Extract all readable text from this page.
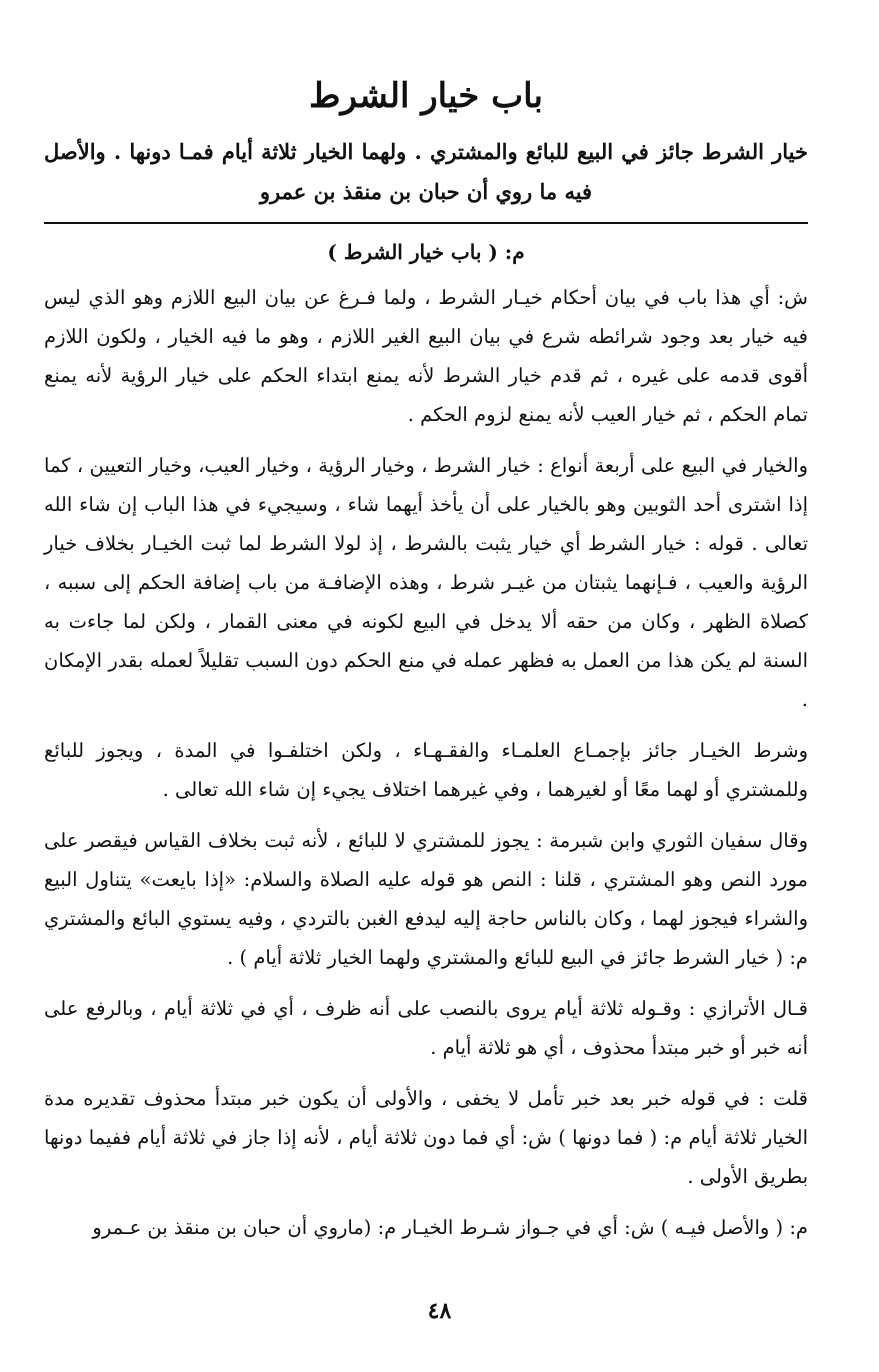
باب خيار الشرط

خيار الشرط جائز في البيع للبائع والمشتري . ولهما الخيار ثلاثة أيام فمـا دونها . والأصل فيه ما روي أن حبان بن منقذ بن عمرو

م: ( باب خيار الشرط )

ش: أي هذا باب في بيان أحكام خيـار الشرط ، ولما فـرغ عن بيان البيع اللازم وهو الذي ليس فيه خيار بعد وجود شرائطه شرع في بيان البيع الغير اللازم ، وهو ما فيه الخيار ، ولكون اللازم أقوى قدمه على غيره ، ثم قدم خيار الشرط لأنه يمنع ابتداء الحكم على خيار الرؤية لأنه يمنع تمام الحكم ، ثم خيار العيب لأنه يمنع لزوم الحكم .

والخيار في البيع على أربعة أنواع : خيار الشرط ، وخيار الرؤية ، وخيار العيب، وخيار التعيين ، كما إذا اشترى أحد الثوبين وهو بالخيار على أن يأخذ أيهما شاء ، وسيجيء في هذا الباب إن شاء الله تعالى . قوله : خيار الشرط أي خيار يثبت بالشرط ، إذ لولا الشرط لما ثبت الخيـار بخلاف خيار الرؤية والعيب ، فـإنهما يثبتان من غيـر شرط ، وهذه الإضافـة من باب إضافة الحكم إلى سببه ، كصلاة الظهر ، وكان من حقه ألا يدخل في البيع لكونه في معنى القمار ، ولكن لما جاءت به السنة لم يكن هذا من العمل به فظهر عمله في منع الحكم دون السبب تقليلاً لعمله بقدر الإمكان .

وشرط الخيـار جائز بإجمـاع العلمـاء والفقـهـاء ، ولكن اختلفـوا في المدة ، ويجوز للبائع وللمشتري أو لهما معًا أو لغيرهما ، وفي غيرهما اختلاف يجيء إن شاء الله تعالى .

وقال سفيان الثوري وابن شبرمة : يجوز للمشتري لا للبائع ، لأنه ثبت بخلاف القياس فيقصر على مورد النص وهو المشتري ، قلنا : النص هو قوله عليه الصلاة والسلام: «إذا بايعت» يتناول البيع والشراء فيجوز لهما ، وكان بالناس حاجة إليه ليدفع الغبن بالتردي ، وفيه يستوي البائع والمشتري م: ( خيار الشرط جائز في البيع للبائع والمشتري ولهما الخيار ثلاثة أيام ) .

قـال الأترازي : وقـوله ثلاثة أيام يروى بالنصب على أنه ظرف ، أي في ثلاثة أيام ، وبالرفع على أنه خبر أو خبر مبتدأ محذوف ، أي هو ثلاثة أيام .

قلت : في قوله خبر بعد خبر تأمل لا يخفى ، والأولى أن يكون خبر مبتدأ محذوف تقديره مدة الخيار ثلاثة أيام م: ( فما دونها ) ش: أي فما دون ثلاثة أيام ، لأنه إذا جاز في ثلاثة أيام ففيما دونها بطريق الأولى .

م: ( والأصل فيـه ) ش: أي في جـواز شـرط الخيـار م: (ماروي أن حبان بن منقذ بن عـمرو

٤٨
